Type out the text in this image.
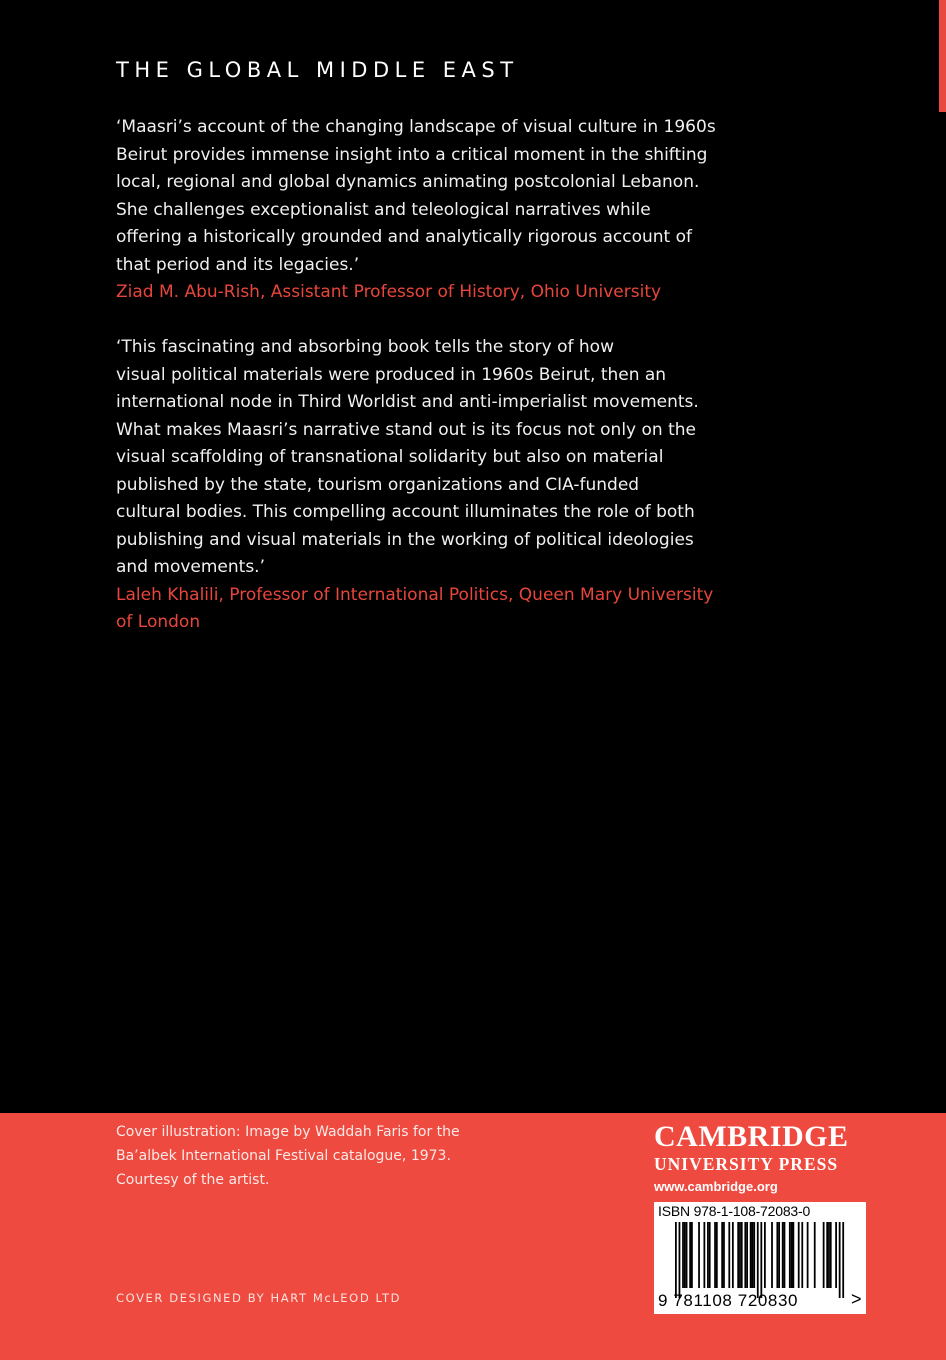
THE GLOBAL MIDDLE EAST
‘Maasri’s account of the changing landscape of visual culture in 1960s
Beirut provides immense insight into a critical moment in the shifting
local, regional and global dynamics animating postcolonial Lebanon.
She challenges exceptionalist and teleological narratives while
offering a historically grounded and analytically rigorous account of
that period and its legacies.’
Ziad M. Abu-Rish, Assistant Professor of History, Ohio University
‘This fascinating and absorbing book tells the story of how
visual political materials were produced in 1960s Beirut, then an
international node in Third Worldist and anti-imperialist movements.
What makes Maasri’s narrative stand out is its focus not only on the
visual scaffolding of transnational solidarity but also on material
published by the state, tourism organizations and CIA-funded
cultural bodies. This compelling account illuminates the role of both
publishing and visual materials in the working of political ideologies
and movements.’
Laleh Khalili, Professor of International Politics, Queen Mary University
of London
Cover illustration: Image by Waddah Faris for the
Ba’albek International Festival catalogue, 1973.
Courtesy of the artist.
COVER DESIGNED BY HART McLEOD LTD
CAMBRIDGE
UNIVERSITY PRESS
www.cambridge.org
ISBN 978-1-108-72083-0
9 781108 720830	>
